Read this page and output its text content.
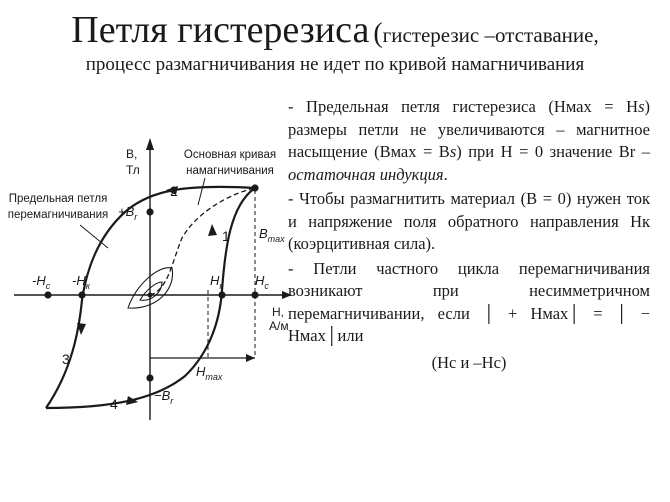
Петля гистерезиса (гистерезис –отставание,
процесс размагничивания не идет по кривой намагничивания
B,
Тл
H,
А/м
Основная кривая
намагничивания
Предельная петля
перемагничивания $+B_r$
$-B_r$
$B_{max}$
$H_{max}$
$-H_c$	$H_c$
$-H_к$	$H_к$
1
2
3
4

- Предельная петля гистерезиса (Нмах = Нs) размеры петли не увеличиваются – магнитное насыщение (Bмах = Bs) при H = 0 значение Br – остаточная индукция.

- Чтобы размагнитить материал (B = 0) нужен ток и напряжение поля обратного направления Нк (коэрцитивная сила).

- Петли частного цикла перемагничивания возникают при несимметричном перемагничивании, если │ + Нмах│ = │ − Нмах│или

(Нс и –Нс)
